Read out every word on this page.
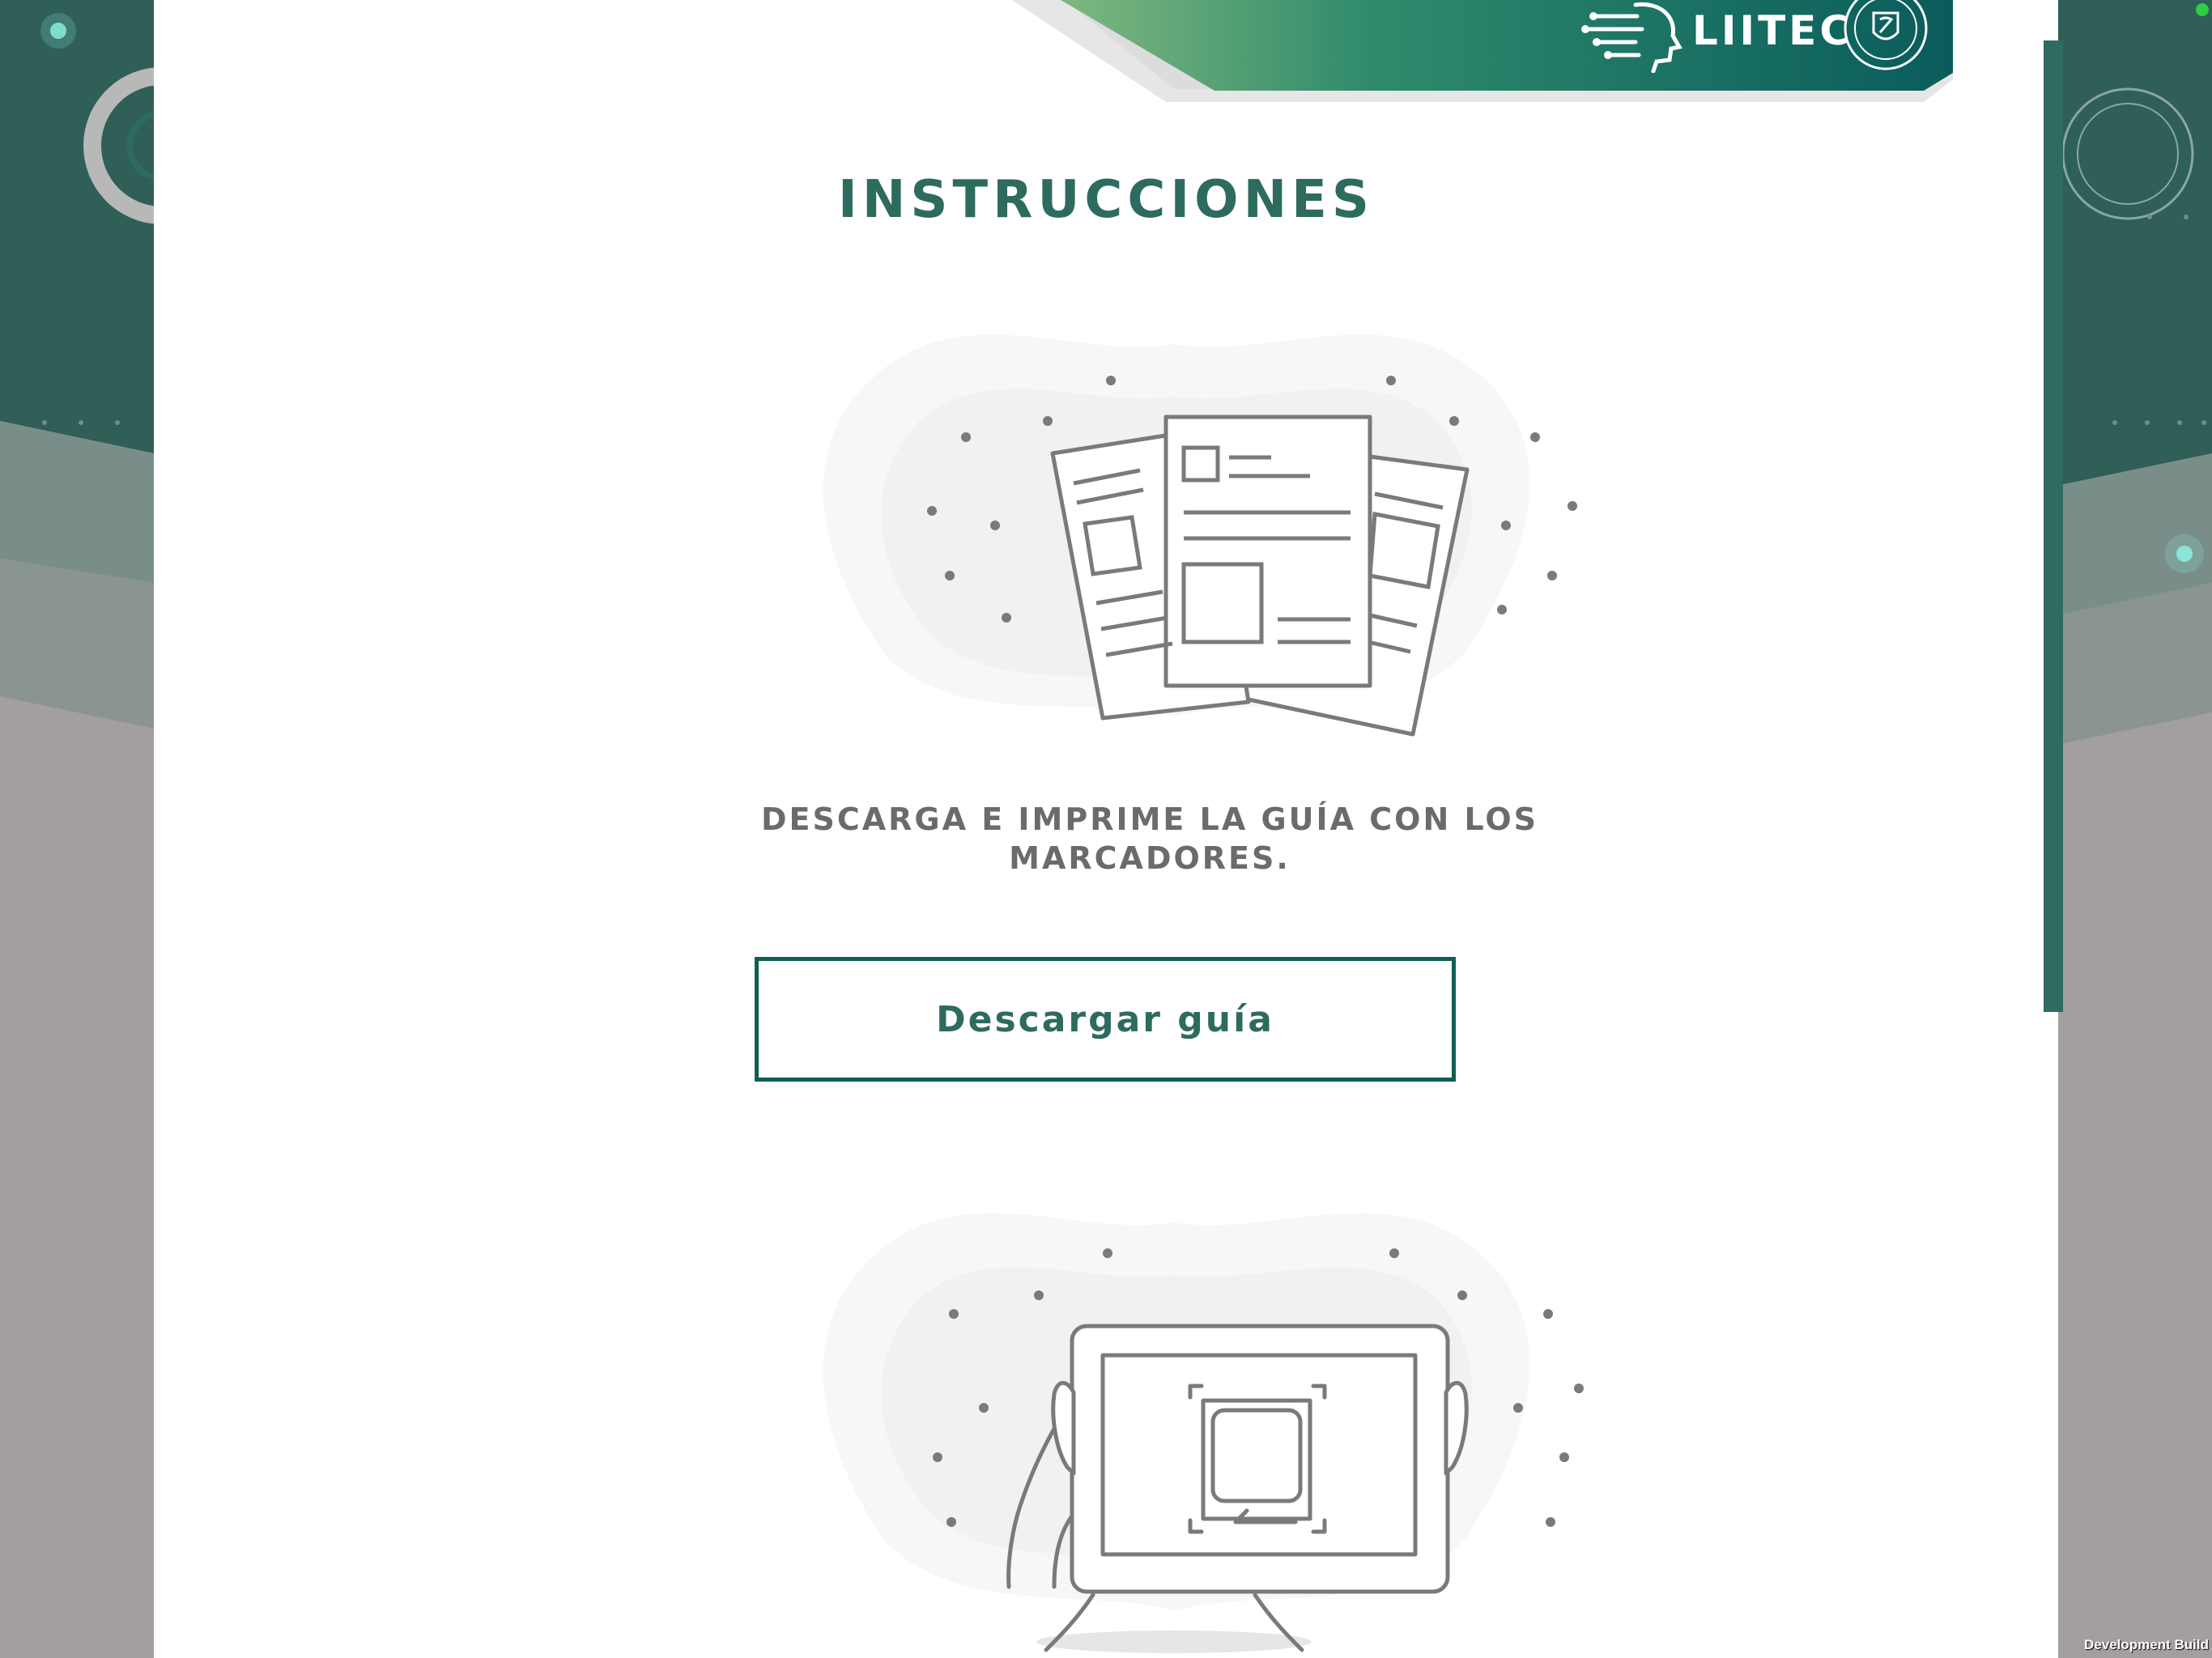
LIITEC
INSTRUCCIONES
DESCARGA E IMPRIME LA GUÍA CON LOS MARCADORES.
Descargar guía
Development Build
